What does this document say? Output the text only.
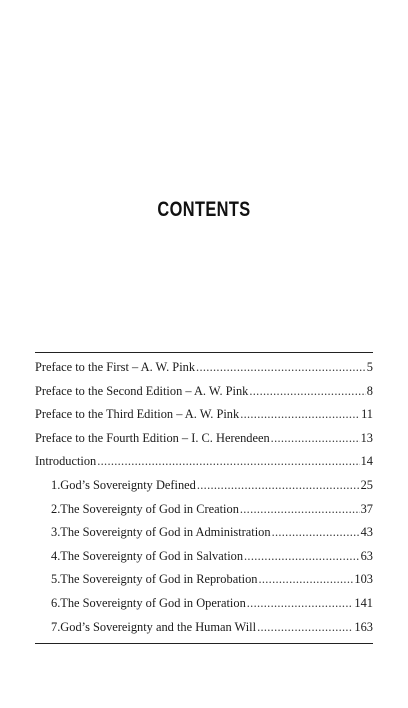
CONTENTS
Preface to the First – A. W. Pink .....	5
Preface to the Second Edition – A. W. Pink .....	8
Preface to the Third Edition – A. W. Pink .....	11
Preface to the Fourth Edition – I. C. Herendeen .....	13
Introduction .....	14
1. God’s Sovereignty Defined .....	25
2. The Sovereignty of God in Creation .....	37
3. The Sovereignty of God in Administration .....	43
4. The Sovereignty of God in Salvation .....	63
5. The Sovereignty of God in Reprobation .....	103
6. The Sovereignty of God in Operation .....	141
7. God’s Sovereignty and the Human Will .....	163
